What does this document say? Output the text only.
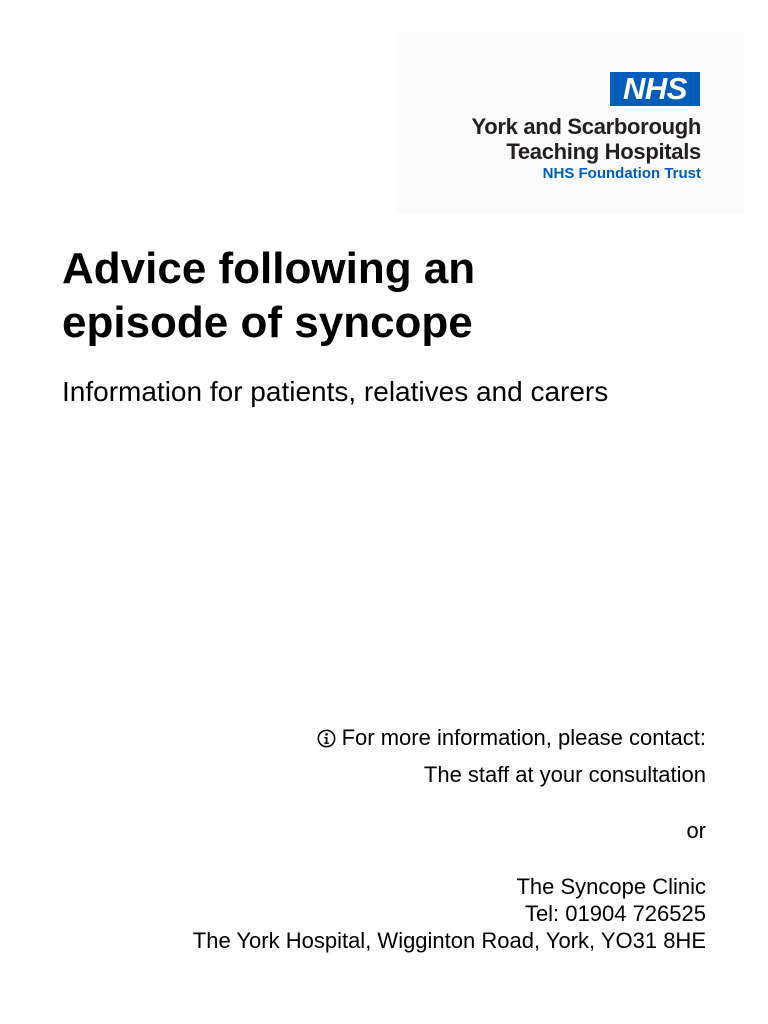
NHS
York and Scarborough
Teaching Hospitals
NHS Foundation Trust
Advice following an
episode of syncope

Information for patients, relatives and carers

For more information, please contact:
The staff at your consultation
or
The Syncope Clinic
Tel: 01904 726525
The York Hospital, Wigginton Road, York, YO31 8HE
